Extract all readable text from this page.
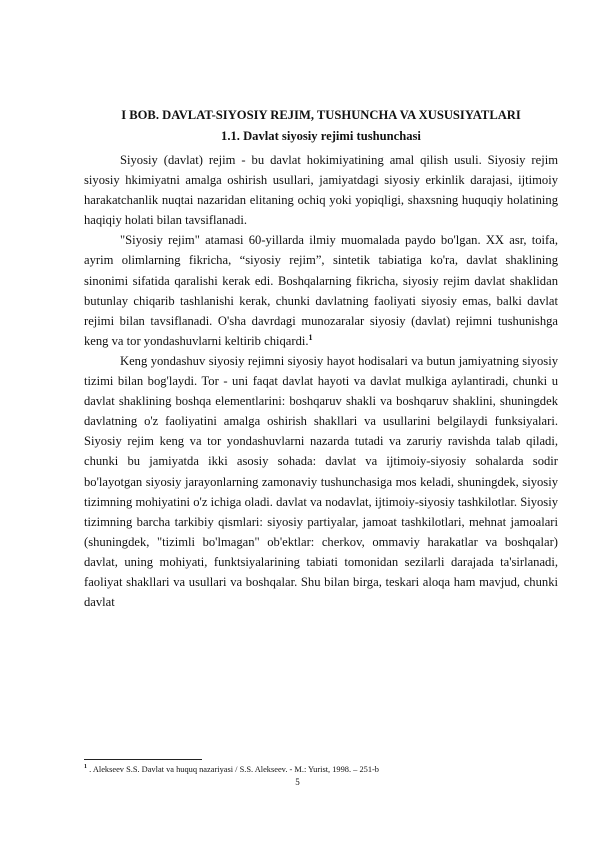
I BOB. DAVLAT-SIYOSIY REJIM, TUSHUNCHA VA XUSUSIYATLARI
1.1. Davlat siyosiy rejimi tushunchasi

Siyosiy (davlat) rejim - bu davlat hokimiyatining amal qilish usuli. Siyosiy rejim siyosiy hkimiyatni amalga oshirish usullari, jamiyatdagi siyosiy erkinlik darajasi, ijtimoiy harakatchanlik nuqtai nazaridan elitaning ochiq yoki yopiqligi, shaxsning huquqiy holatining haqiqiy holati bilan tavsiflanadi.

"Siyosiy rejim" atamasi 60-yillarda ilmiy muomalada paydo bo'lgan. XX asr, toifa, ayrim olimlarning fikricha, “siyosiy rejim”, sintetik tabiatiga ko'ra, davlat shaklining sinonimi sifatida qaralishi kerak edi. Boshqalarning fikricha, siyosiy rejim davlat shaklidan butunlay chiqarib tashlanishi kerak, chunki davlatning faoliyati siyosiy emas, balki davlat rejimi bilan tavsiflanadi. O'sha davrdagi munozaralar siyosiy (davlat) rejimni tushunishga keng va tor yondashuvlarni keltirib chiqardi.$^1$

Keng yondashuv siyosiy rejimni siyosiy hayot hodisalari va butun jamiyatning siyosiy tizimi bilan bog'laydi. Tor - uni faqat davlat hayoti va davlat mulkiga aylantiradi, chunki u davlat shaklining boshqa elementlarini: boshqaruv shakli va boshqaruv shaklini, shuningdek davlatning o'z faoliyatini amalga oshirish shakllari va usullarini belgilaydi funksiyalari. Siyosiy rejim keng va tor yondashuvlarni nazarda tutadi va zaruriy ravishda talab qiladi, chunki bu jamiyatda ikki asosiy sohada: davlat va ijtimoiy-siyosiy sohalarda sodir bo'layotgan siyosiy jarayonlarning zamonaviy tushunchasiga mos keladi, shuningdek, siyosiy tizimning mohiyatini o'z ichiga oladi. davlat va nodavlat, ijtimoiy-siyosiy tashkilotlar. Siyosiy tizimning barcha tarkibiy qismlari: siyosiy partiyalar, jamoat tashkilotlari, mehnat jamoalari (shuningdek, "tizimli bo'lmagan" ob'ektlar: cherkov, ommaviy harakatlar va boshqalar) davlat, uning mohiyati, funktsiyalarining tabiati tomonidan sezilarli darajada ta'sirlanadi, faoliyat shakllari va usullari va boshqalar. Shu bilan birga, teskari aloqa ham mavjud, chunki davlat

$^1$ . Alekseev S.S. Davlat va huquq nazariyasi / S.S. Alekseev. - M.: Yurist, 1998. – 251-b
5
